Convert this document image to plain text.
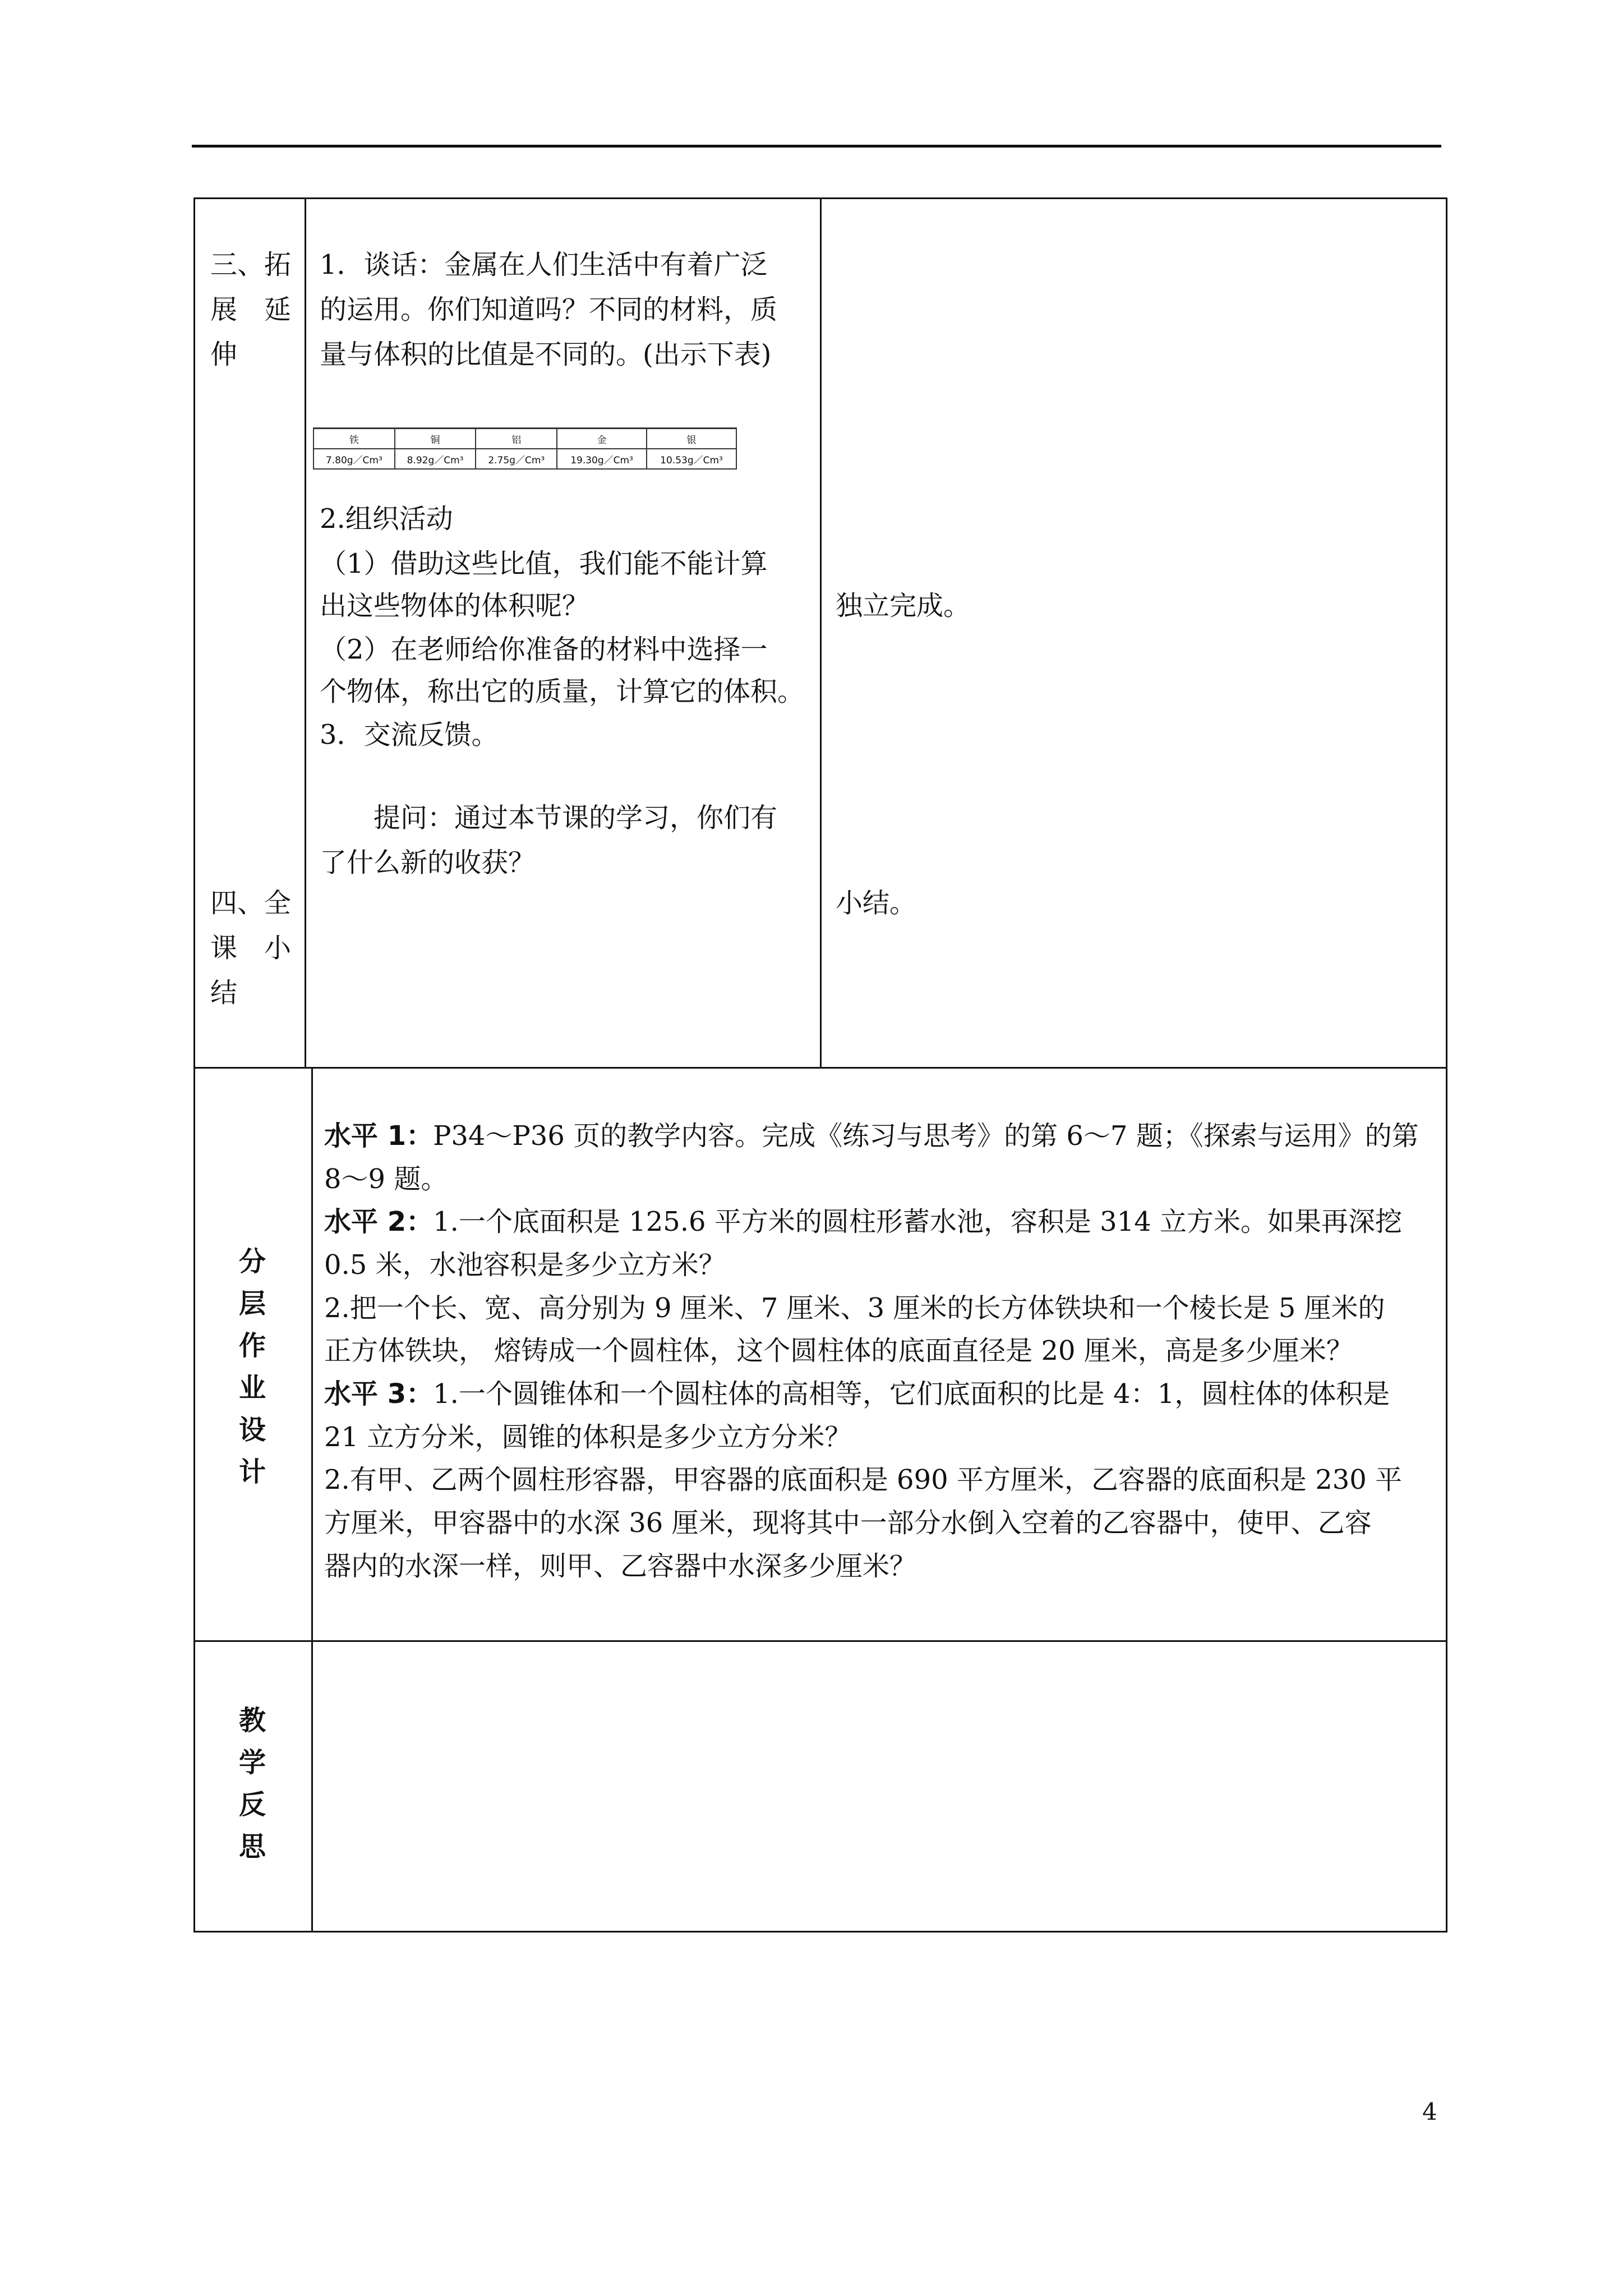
三、拓
展　延
伸
1．谈话：金属在人们生活中有着广泛
的运用。你们知道吗？不同的材料，质
量与体积的比值是不同的。(出示下表)
铁	铜	铝	金	银
7.80g／Cm³	8.92g／Cm³	2.75g／Cm³	19.30g／Cm³	10.53g／Cm³
2.组织活动
（1）借助这些比值，我们能不能计算
出这些物体的体积呢？
（2）在老师给你准备的材料中选择一
个物体，称出它的质量，计算它的体积。
3．交流反馈。
独立完成。
　　提问：通过本节课的学习，你们有
了什么新的收获？
四、全
课　小
结
小结。
分
层
作
业
设
计
水平 1：P34～P36 页的教学内容。完成《练习与思考》的第 6～7 题；《探索与运用》的第
8～9 题。
水平 2：1.一个底面积是 125.6 平方米的圆柱形蓄水池，容积是 314 立方米。如果再深挖
0.5 米，水池容积是多少立方米？
2.把一个长、宽、高分别为 9 厘米、7 厘米、3 厘米的长方体铁块和一个棱长是 5 厘米的
正方体铁块， 熔铸成一个圆柱体，这个圆柱体的底面直径是 20 厘米，高是多少厘米？
水平 3：1.一个圆锥体和一个圆柱体的高相等，它们底面积的比是 4：1，圆柱体的体积是
21 立方分米，圆锥的体积是多少立方分米？
2.有甲、乙两个圆柱形容器，甲容器的底面积是 690 平方厘米，乙容器的底面积是 230 平
方厘米，甲容器中的水深 36 厘米，现将其中一部分水倒入空着的乙容器中，使甲、乙容
器内的水深一样，则甲、乙容器中水深多少厘米？
教
学
反
思
4
